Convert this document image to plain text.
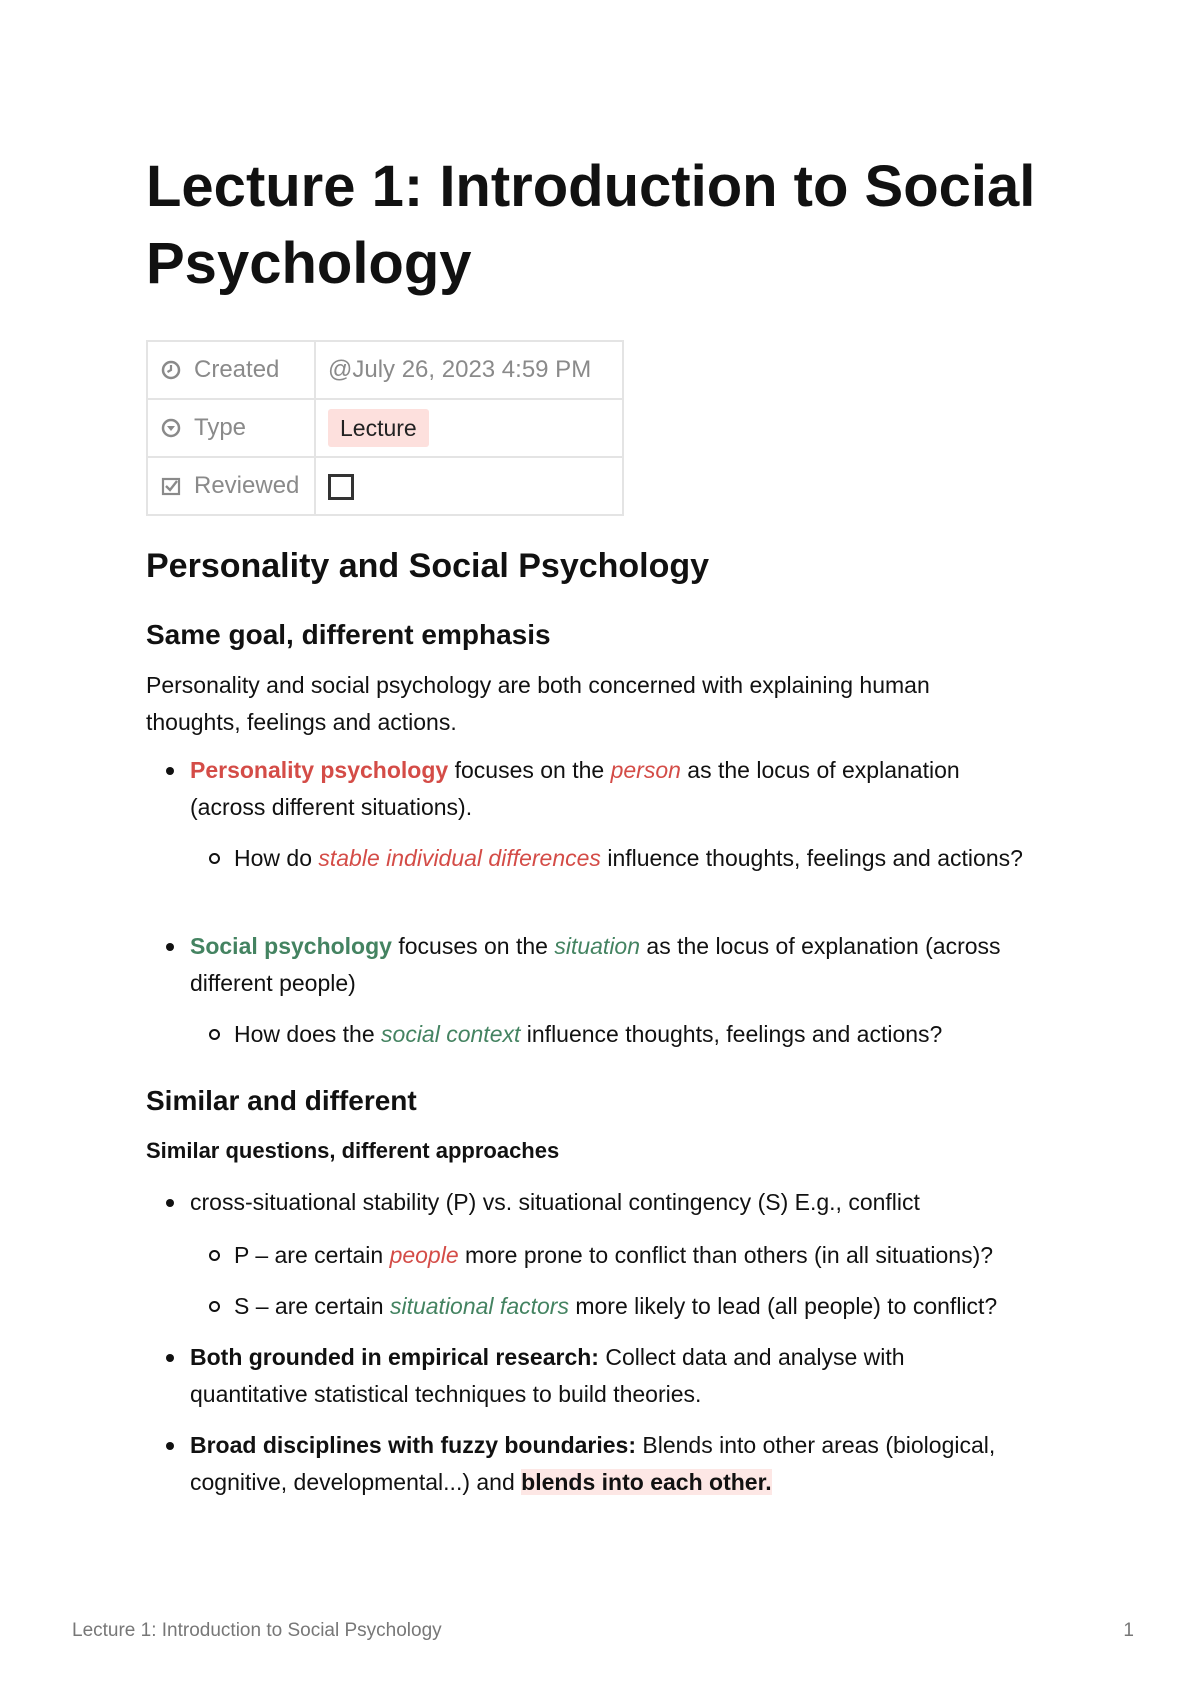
Lecture 1: Introduction to Social Psychology
Created	@July 26, 2023 4:59 PM

Type	Lecture

Reviewed	

Personality and Social Psychology
Same goal, different emphasis

Personality and social psychology are both concerned with explaining human thoughts, feelings and actions.

Personality psychology focuses on the person as the locus of explanation (across different situations).
How do stable individual differences influence thoughts, feelings and actions?
Social psychology focuses on the situation as the locus of explanation (across different people)
How does the social context influence thoughts, feelings and actions?
Similar and different
Similar questions, different approaches
cross-situational stability (P) vs. situational contingency (S) E.g., conflict
P – are certain people more prone to conflict than others (in all situations)?
S – are certain situational factors more likely to lead (all people) to conflict?
Both grounded in empirical research: Collect data and analyse with quantitative statistical techniques to build theories.
Broad disciplines with fuzzy boundaries: Blends into other areas (biological, cognitive, developmental...) and blends into each other.
Lecture 1: Introduction to Social Psychology	1
